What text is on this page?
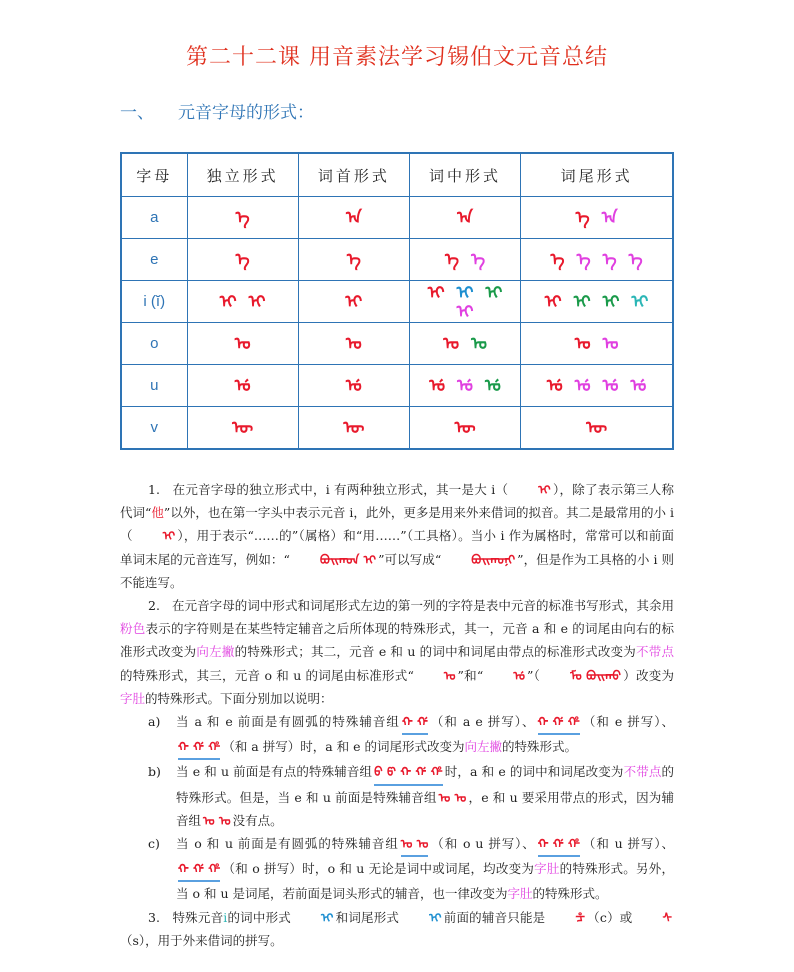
第二十二课 用音素法学习锡伯文元音总结
一、 元音字母的形式：
字母	独立形式	词首形式	词中形式	词尾形式
a	ᡝ	ᠠ	ᠠ	ᡝ ᠠ
e	ᠡ	ᠡ	ᡝ ᡝ	ᡝ ᡝ ᡝ ᡝ
i (ĭ)	ᡳ ᡳ	ᡳ	ᡳ ᡳ ᡳᡳ	ᡳ ᡳ ᡳ ᡳ
o	ᠣ	ᠣ	ᠣ ᠣ	ᠣ ᠣ
u	ᡠ	ᡠ	ᡠ ᡠ ᡠ	ᡠ ᡠ ᡠ ᡠ
v	ᡡ	ᡡ	ᡡ	ᡡ

1. 在元音字母的独立形式中，i 有两种独立形式，其一是大 i（ ᡳ ），除了表示第三人称代词“他”以外，也在第一字头中表示元音 i，此外，更多是用来外来借词的拟音。其二是最常用的小 i（ ᡳ ），用于表示“……的”（属格）和“用……”（工具格）。当小 i 作为属格时，常常可以和前面单词末尾的元音连写，例如：“ ᠪᠣᡳᡴᠣᠨ ᡳ ”可以写成“ ᠪᠣᡳᡴᠣᠨᡳ ”，但是作为工具格的小 i 则不能连写。

2. 在元音字母的词中形式和词尾形式左边的第一列的字符是表中元音的标准书写形式，其余用粉色表示的字符则是在某些特定辅音之后所体现的特殊形式，其一，元音 a 和 e 的词尾由向右的标准形式改变为向左撇的特殊形式；其二，元音 e 和 u 的词中和词尾由带点的标准形式改变为不带点的特殊形式，其三，元音 o 和 u 的词尾由标准形式“ ᠣ ”和“ ᡠ ”（ ᠮᠣ ᠪᠣᡳᡴᠣ ）改变为字肚的特殊形式。下面分别加以说明：

a) 当 a 和 e 前面是有圆弧的特殊辅音组 ᡴ ᡤ （和 a e 拼写）、 ᡴ ᡤ ᡥ （和 e 拼写）、ᡴ ᡤ ᡥ （和 a 拼写）时，a 和 e 的词尾形式改变为向左撇的特殊形式。

b) 当 e 和 u 前面是有点的特殊辅音组 ᠪ ᡦ ᡴ ᡤ ᡥ 时，a 和 e 的词中和词尾改变为不带点的特殊形式。但是，当 e 和 u 前面是特殊辅音组 ᠣ ᠣ ，e 和 u 要采用带点的形式，因为辅音组 ᠣ ᠣ 没有点。

c) 当 o 和 u 前面是有圆弧的特殊辅音组 ᠣ ᠣ （和 o u 拼写）、 ᡴ ᡤ ᡥ （和 u 拼写）、ᡴ ᡤ ᡥ （和 o 拼写）时，o 和 u 无论是词中或词尾，均改变为字肚的特殊形式。另外，当 o 和 u 是词尾，若前面是词头形式的辅音，也一律改变为字肚的特殊形式。

3. 特殊元音i的词中形式 ᡳ 和词尾形式 ᡳ 前面的辅音只能是 ᡱ （c）或 ᠰ（s），用于外来借词的拼写。
